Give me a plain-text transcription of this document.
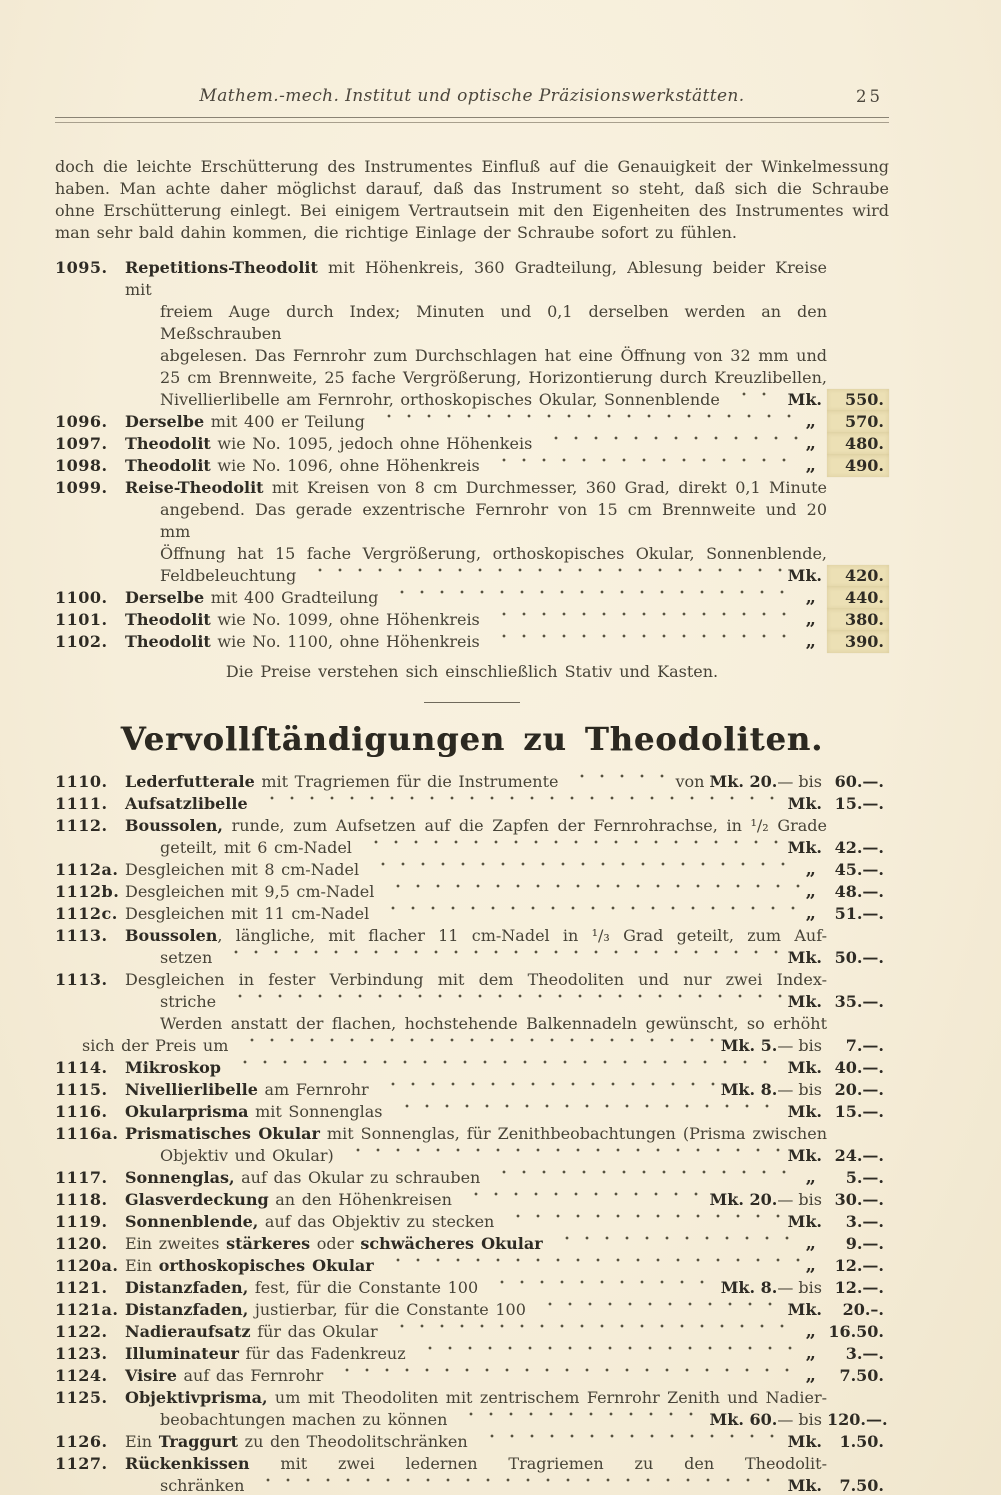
Mathem.-mech. Institut und optische Präzisionswerkstätten.	25
doch die leichte Erschütterung des Instrumentes Einfluß auf die Genauigkeit der Winkelmessung
haben. Man achte daher möglichst darauf, daß das Instrument so steht, daß sich die Schraube
ohne Erschütterung einlegt. Bei einigem Vertrautsein mit den Eigenheiten des Instrumentes wird
man sehr bald dahin kommen, die richtige Einlage der Schraube sofort zu fühlen.
1095.	Repetitions-Theodolit mit Höhenkreis, 360 Gradteilung, Ablesung beider Kreise mit
freiem Auge durch Index; Minuten und 0,1 derselben werden an den Meßschrauben
abgelesen. Das Fernrohr zum Durchschlagen hat eine Öffnung von 32 mm und
25 cm Brennweite, 25 fache Vergrößerung, Horizontierung durch Kreuzlibellen,
Nivellierlibelle am Fernrohr, orthoskopisches Okular, Sonnenblende	Mk.	550.
1096.	Derselbe mit 400 er Teilung	„	570.
1097.	Theodolit wie No. 1095, jedoch ohne Höhenkeis	„	480.
1098.	Theodolit wie No. 1096, ohne Höhenkreis	„	490.
1099.	Reise-Theodolit mit Kreisen von 8 cm Durchmesser, 360 Grad, direkt 0,1 Minute
angebend. Das gerade exzentrische Fernrohr von 15 cm Brennweite und 20 mm
Öffnung hat 15 fache Vergrößerung, orthoskopisches Okular, Sonnenblende,
Feldbeleuchtung	Mk.	420.
1100.	Derselbe mit 400 Gradteilung	„	440.
1101.	Theodolit wie No. 1099, ohne Höhenkreis	„	380.
1102.	Theodolit wie No. 1100, ohne Höhenkreis	„	390.
Die Preise verstehen sich einschließlich Stativ und Kasten.
Vervollſtändigungen zu Theodoliten.
1110.	Lederfutterale mit Tragriemen für die Instrumente	von Mk. 20.— bis 60.—.
1111.	Aufsatzlibelle	Mk. 15.—.
1112.	Boussolen, runde, zum Aufsetzen auf die Zapfen der Fernrohrachse, in ¹/₂ Grade
geteilt, mit 6 cm-Nadel	Mk. 42.—.
1112a. Desgleichen mit 8 cm-Nadel	„	45.—.
1112b. Desgleichen mit 9,5 cm-Nadel	„	48.—.
1112c. Desgleichen mit 11 cm-Nadel	„	51.—.
1113.	Boussolen, längliche, mit flacher 11 cm-Nadel in ¹/₃ Grad geteilt, zum Auf-
setzen	Mk. 50.—.
1113.	Desgleichen in fester Verbindung mit dem Theodoliten und nur zwei Index-
striche	Mk. 35.—.
Werden anstatt der flachen, hochstehende Balkennadeln gewünscht, so erhöht
sich der Preis um	Mk. 5.— bis	7.—.
1114.	Mikroskop	Mk. 40.—.
1115.	Nivellierlibelle am Fernrohr	Mk. 8.— bis 20.—.
1116.	Okularprisma mit Sonnenglas	Mk. 15.—.
1116a. Prismatisches Okular mit Sonnenglas, für Zenithbeobachtungen (Prisma zwischen
Objektiv und Okular)	Mk. 24.—.
1117.	Sonnenglas, auf das Okular zu schrauben	„	5.—.
1118.	Glasverdeckung an den Höhenkreisen	Mk. 20.— bis 30.—.
1119.	Sonnenblende, auf das Objektiv zu stecken	Mk.	3.—.
1120.	Ein zweites stärkeres oder schwächeres Okular	„	9.—.
1120a. Ein orthoskopisches Okular	„	12.—.
1121.	Distanzfaden, fest, für die Constante 100	Mk. 8.— bis 12.—.
1121a. Distanzfaden, justierbar, für die Constante 100	Mk.	20.–.
1122.	Nadieraufsatz für das Okular	„ 16.50.
1123.	Illuminateur für das Fadenkreuz	„	3.—.
1124.	Visire auf das Fernrohr	„	7.50.
1125.	Objektivprisma, um mit Theodoliten mit zentrischem Fernrohr Zenith und Nadier-
beobachtungen machen zu können	Mk. 60.— bis 120.—.
1126.	Ein Traggurt zu den Theodolitschränken	Mk.	1.50.
1127.	Rückenkissen mit zwei ledernen Tragriemen zu den Theodolit-
schränken	Mk.	7.50.
